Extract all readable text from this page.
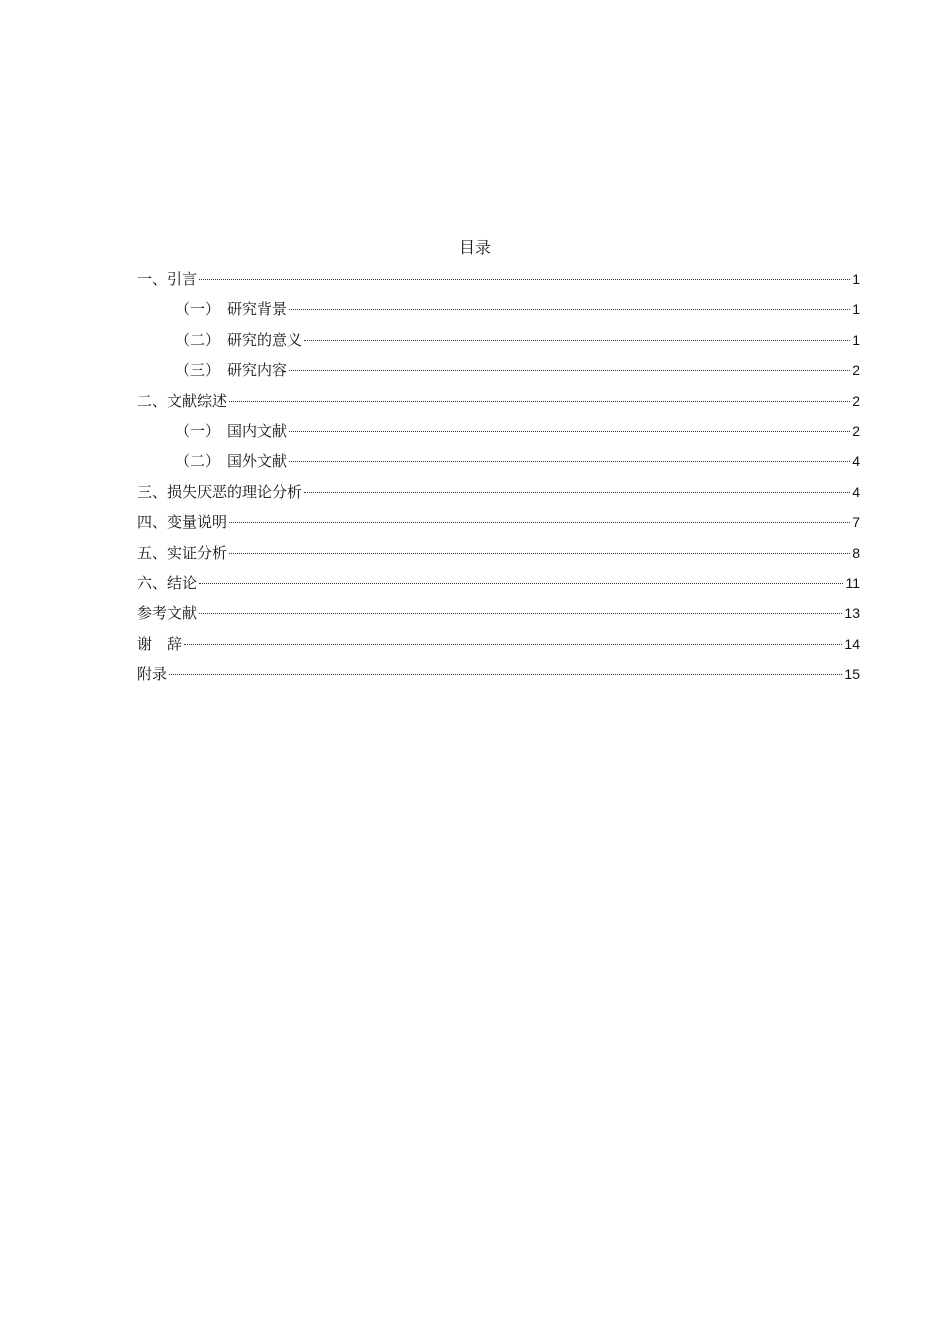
目录
一、引言	1
（一） 研究背景	1
（二） 研究的意义	1
（三） 研究内容	2
二、文献综述	2
（一） 国内文献	2
（二） 国外文献	4
三、损失厌恶的理论分析	4
四、变量说明	7
五、实证分析	8
六、结论	11
参考文献	13
谢　辞	14
附录	15
